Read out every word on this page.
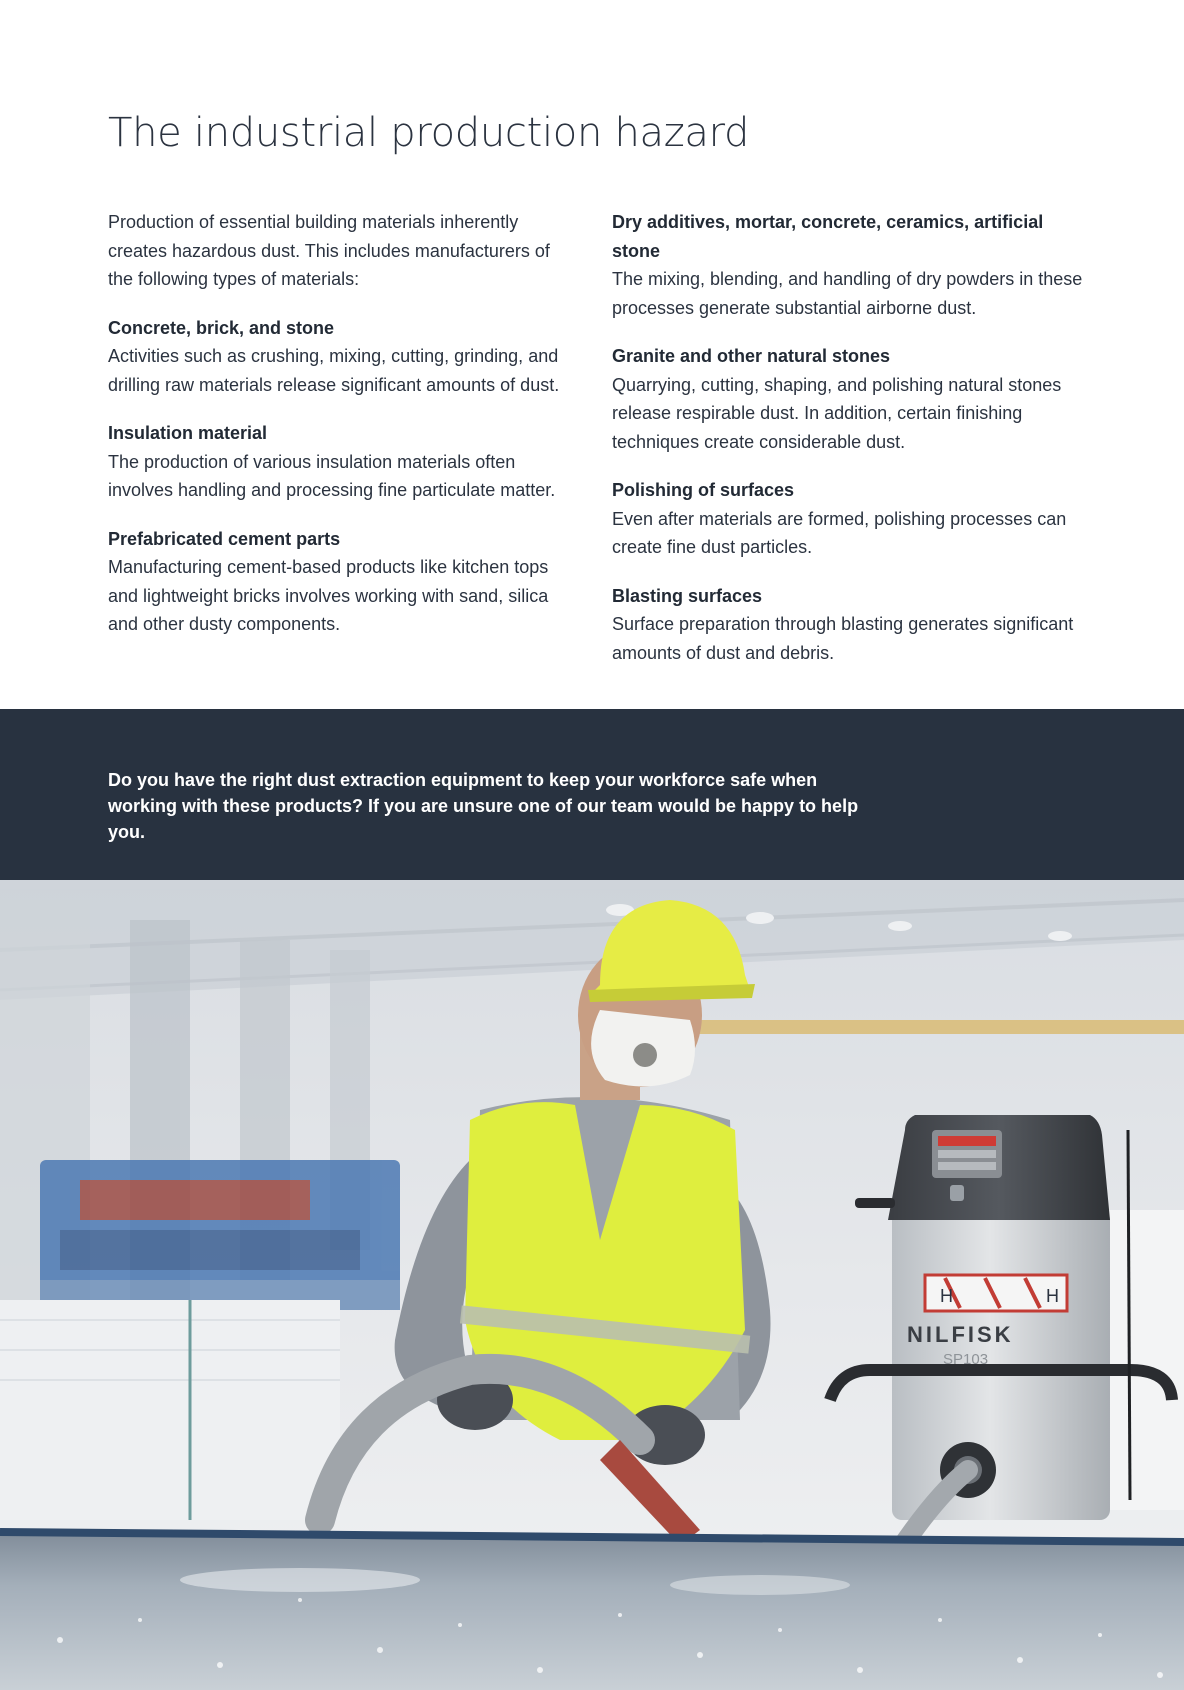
The industrial production hazard

Production of essential building materials inherently creates hazardous dust. This includes manufacturers of the following types of materials:

Concrete, brick, and stone

Activities such as crushing, mixing, cutting, grinding, and drilling raw materials release significant amounts of dust.

Insulation material

The production of various insulation materials often involves handling and processing fine particulate matter.

Prefabricated cement parts

Manufacturing cement-based products like kitchen tops and lightweight bricks involves working with sand, silica and other dusty components.

Dry additives, mortar, concrete, ceramics, artificial stone

The mixing, blending, and handling of dry powders in these processes generate substantial airborne dust.

Granite and other natural stones

Quarrying, cutting, shaping, and polishing natural stones release respirable dust. In addition, certain finishing techniques create considerable dust.

Polishing of surfaces

Even after materials are formed, polishing processes can create fine dust particles.

Blasting surfaces

Surface preparation through blasting generates significant amounts of dust and debris.

Do you have the right dust extraction equipment to keep your workforce safe when working with these products? If you are unsure one of our team would be happy to help you.

H	H
NILFISK
SP103
